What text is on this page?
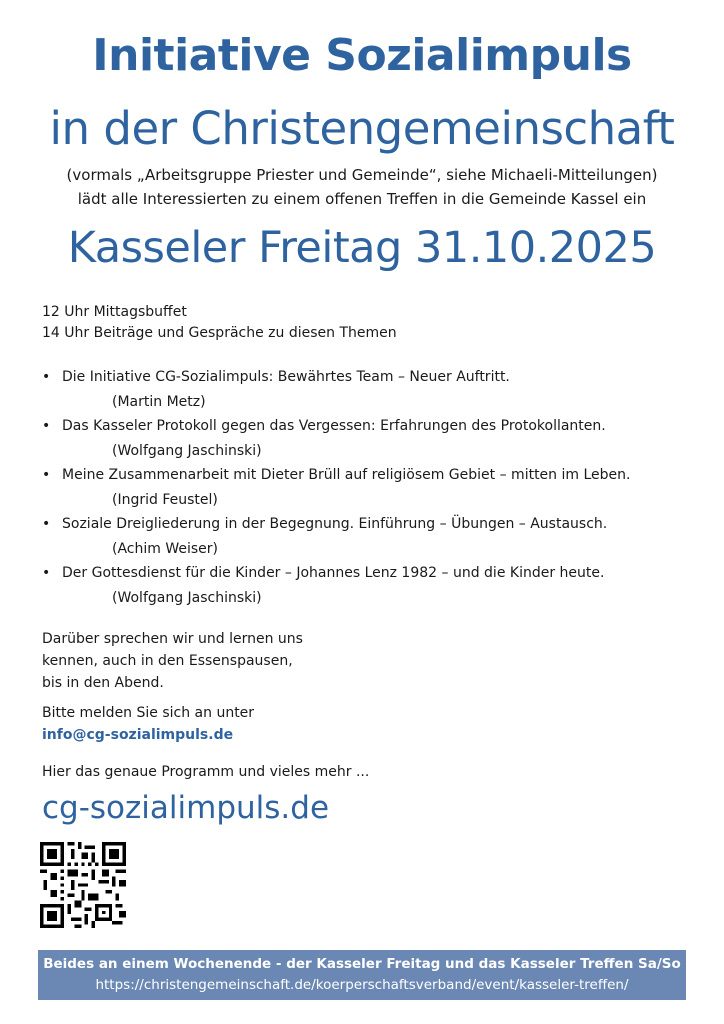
Initiative Sozialimpuls
in der Christengemeinschaft
(vormals „Arbeitsgruppe Priester und Gemeinde“, siehe Michaeli-Mitteilungen)
lädt alle Interessierten zu einem offenen Treffen in die Gemeinde Kassel ein
Kasseler Freitag 31.10.2025
12 Uhr Mittagsbuffet
14 Uhr Beiträge und Gespräche zu diesen Themen
• Die Initiative CG-Sozialimpuls: Bewährtes Team – Neuer Auftritt.
(Martin Metz)
• Das Kasseler Protokoll gegen das Vergessen: Erfahrungen des Protokollanten.
(Wolfgang Jaschinski)
• Meine Zusammenarbeit mit Dieter Brüll auf religiösem Gebiet – mitten im Leben.
(Ingrid Feustel)
• Soziale Dreigliederung in der Begegnung. Einführung – Übungen – Austausch.
(Achim Weiser)
• Der Gottesdienst für die Kinder – Johannes Lenz 1982 – und die Kinder heute.
(Wolfgang Jaschinski)
Darüber sprechen wir und lernen uns
kennen, auch in den Essenspausen,
bis in den Abend.
Bitte melden Sie sich an unter
info@cg-sozialimpuls.de
Hier das genaue Programm und vieles mehr ...
cg-sozialimpuls.de
Beides an einem Wochenende - der Kasseler Freitag und das Kasseler Treffen Sa/So
https://christengemeinschaft.de/koerperschaftsverband/event/kasseler-treffen/
